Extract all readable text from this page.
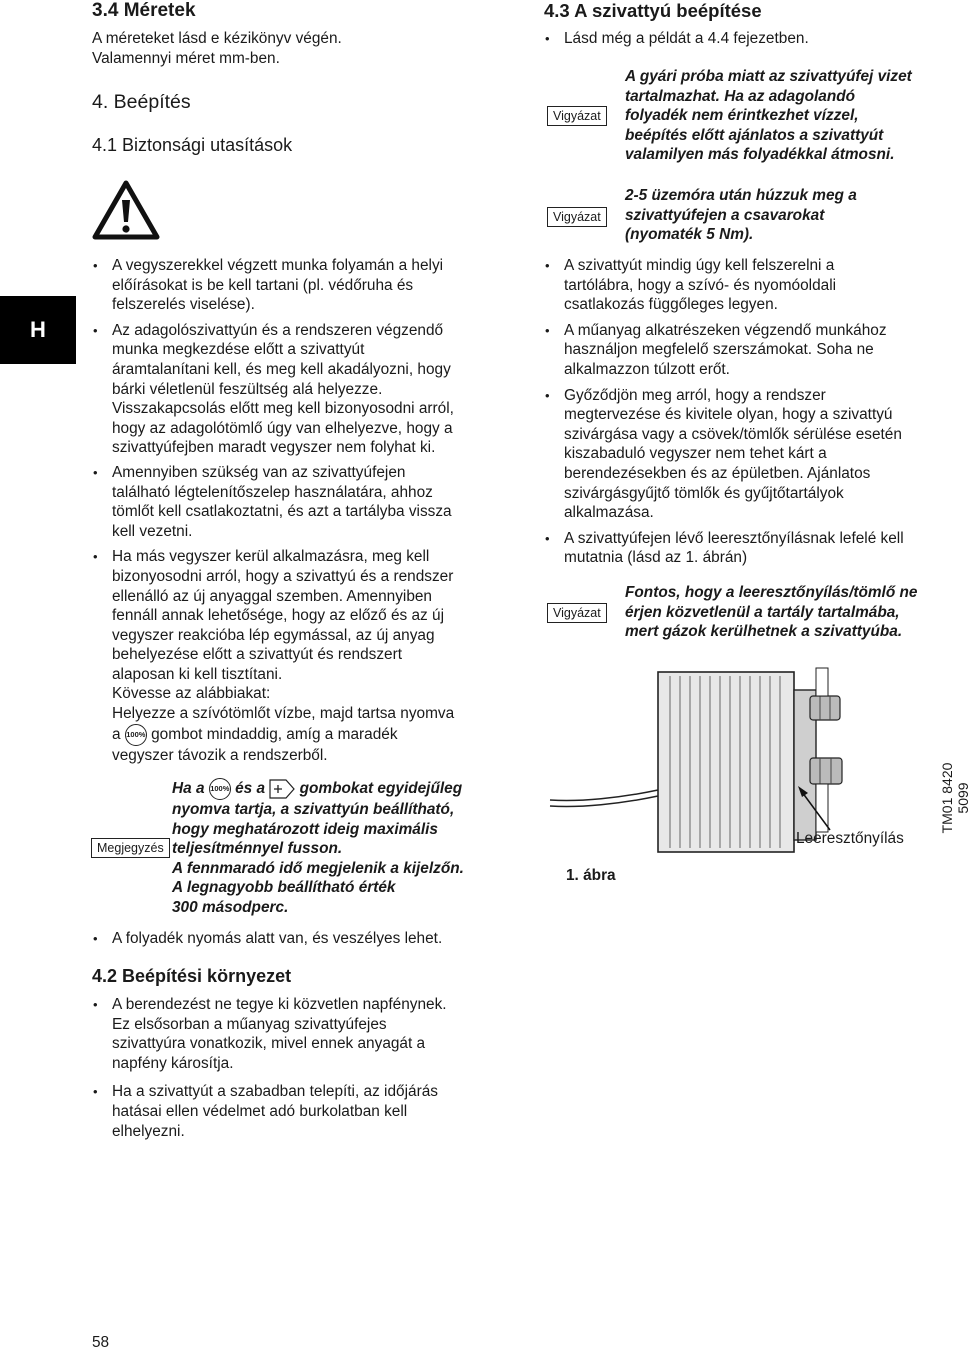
H
3.4 Méretek

A méreteket lásd e kézikönyv végén.

Valamennyi méret mm-ben.

4. Beépítés
4.1 Biztonsági utasítások
• A vegyszerekkel végzett munka folyamán a helyi
előírásokat is be kell tartani (pl. védőruha és
felszerelés viselése).
• Az adagolószivattyún és a rendszeren végzendő
munka megkezdése előtt a szivattyút
áramtalanítani kell, és meg kell akadályozni, hogy
bárki véletlenül feszültség alá helyezze.
Visszakapcsolás előtt meg kell bizonyosodni arról,
hogy az adagolótömlő úgy van elhelyezve, hogy a
szivattyúfejben maradt vegyszer nem folyhat ki.
• Amennyiben szükség van az szivattyúfejen
található légtelenítőszelep használatára, ahhoz
tömlőt kell csatlakoztatni, és azt a tartályba vissza
kell vezetni.
• Ha más vegyszer kerül alkalmazásra, meg kell
bizonyosodni arról, hogy a szivattyú és a rendszer
ellenálló az új anyaggal szemben. Amennyiben
fennáll annak lehetősége, hogy az előző és az új
vegyszer reakcióba lép egymással, az új anyag
behelyezése előtt a szivattyút és rendszert
alaposan ki kell tisztítani.
Kövesse az alábbiakat:
Helyezze a szívótömlőt vízbe, majd tartsa nyomva
a 100% gombot mindaddig, amíg a maradék
vegyszer távozik a rendszerből.
Megjegyzés
Ha a 100% és a gombokat egyidejűleg
nyomva tartja, a szivattyún beállítható,
hogy meghatározott ideig maximális
teljesítménnyel fusson.
A fennmaradó idő megjelenik a kijelzőn.
A legnagyobb beállítható érték
300 másodperc.
• A folyadék nyomás alatt van, és veszélyes lehet.
4.2 Beépítési környezet
• A berendezést ne tegye ki közvetlen napfénynek.
Ez elsősorban a műanyag szivattyúfejes
szivattyúra vonatkozik, mivel ennek anyagát a
napfény károsítja.
• Ha a szivattyút a szabadban telepíti, az időjárás
hatásai ellen védelmet adó burkolatban kell
elhelyezni.
58
4.3 A szivattyú beépítése
• Lásd még a példát a 4.4 fejezetben.
Vigyázat
A gyári próba miatt az szivattyúfej vizet
tartalmazhat. Ha az adagolandó
folyadék nem érintkezhet vízzel,
beépítés előtt ajánlatos a szivattyút
valamilyen más folyadékkal átmosni.
Vigyázat
2-5 üzemóra után húzzuk meg a
szivattyúfejen a csavarokat
(nyomaték 5 Nm).
• A szivattyút mindig úgy kell felszerelni a
tartólábra, hogy a szívó- és nyomóoldali
csatlakozás függőleges legyen.
• A műanyag alkatrészeken végzendő munkához
használjon megfelelő szerszámokat. Soha ne
alkalmazzon túlzott erőt.
• Győződjön meg arról, hogy a rendszer
megtervezése és kivitele olyan, hogy a szivattyú
szivárgása vagy a csövek/tömlők sérülése esetén
kiszabaduló vegyszer nem tehet kárt a
berendezésekben és az épületben. Ajánlatos
szivárgásgyűjtő tömlők és gyűjtőtartályok
alkalmazása.
• A szivattyúfejen lévő leeresztőnyílásnak lefelé kell
mutatnia (lásd az 1. ábrán)
Vigyázat
Fontos, hogy a leeresztőnyílás/tömlő ne
érjen közvetlenül a tartály tartalmába,
mert gázok kerülhetnek a szivattyúba.
Leeresztőnyílás
1. ábra
TM01 8420 5099
